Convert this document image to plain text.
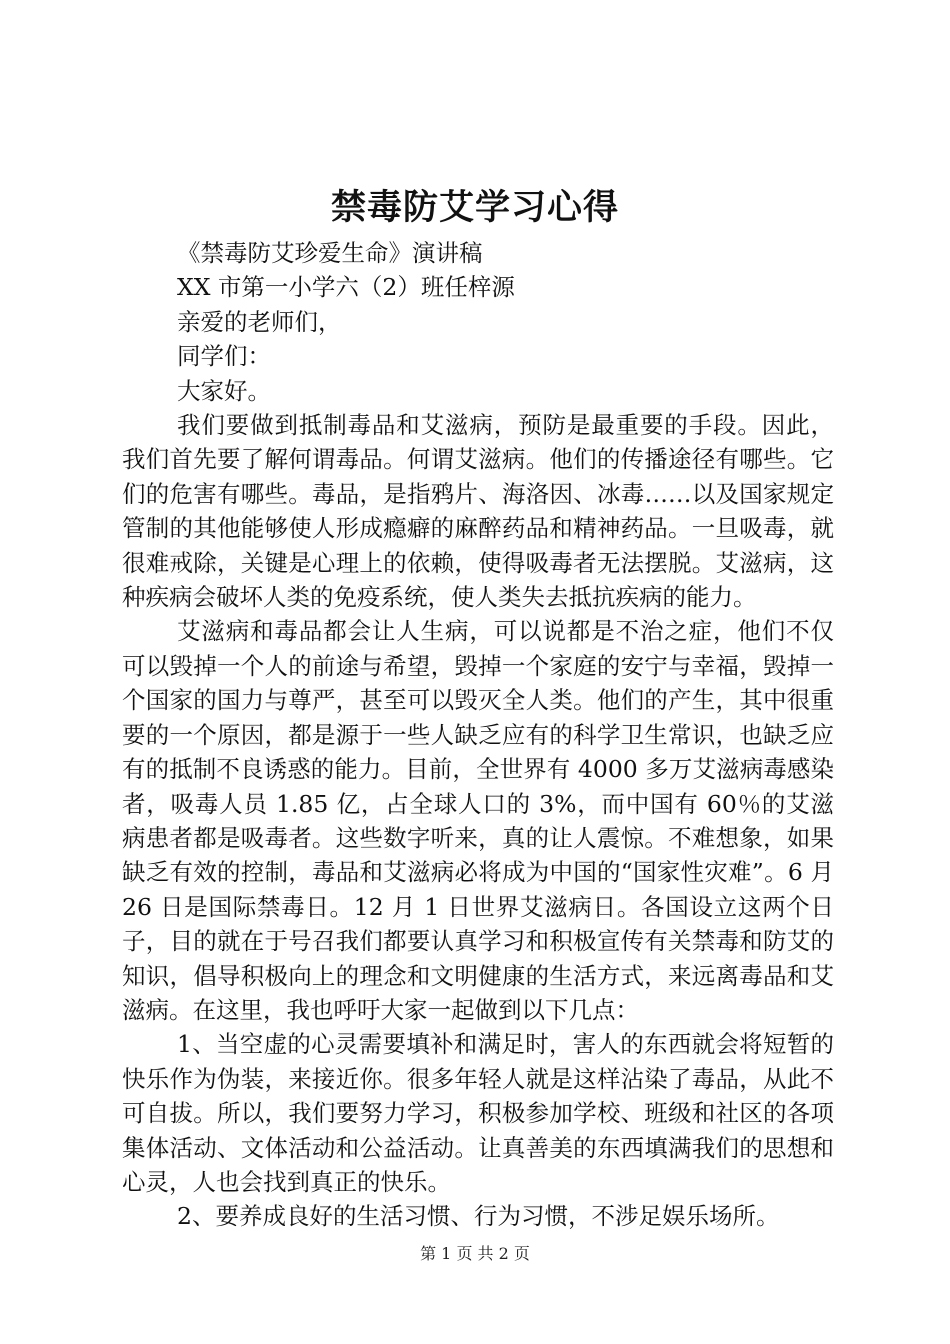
禁毒防艾学习心得

《禁毒防艾珍爱生命》演讲稿

XX 市第一小学六（2）班任梓源

亲爱的老师们，

同学们：

大家好。

我们要做到抵制毒品和艾滋病，预防是最重要的手段。因此，我们首先要了解何谓毒品。何谓艾滋病。他们的传播途径有哪些。它们的危害有哪些。毒品，是指鸦片、海洛因、冰毒……以及国家规定管制的其他能够使人形成瘾癖的麻醉药品和精神药品。一旦吸毒，就很难戒除，关键是心理上的依赖，使得吸毒者无法摆脱。艾滋病，这种疾病会破坏人类的免疫系统，使人类失去抵抗疾病的能力。

艾滋病和毒品都会让人生病，可以说都是不治之症，他们不仅可以毁掉一个人的前途与希望，毁掉一个家庭的安宁与幸福，毁掉一个国家的国力与尊严，甚至可以毁灭全人类。他们的产生，其中很重要的一个原因，都是源于一些人缺乏应有的科学卫生常识，也缺乏应有的抵制不良诱惑的能力。目前，全世界有 4000 多万艾滋病毒感染者，吸毒人员 1.85 亿，占全球人口的 3%，而中国有 60％的艾滋病患者都是吸毒者。这些数字听来，真的让人震惊。不难想象，如果缺乏有效的控制，毒品和艾滋病必将成为中国的“国家性灾难”。6 月 26 日是国际禁毒日。12 月 1 日世界艾滋病日。各国设立这两个日子，目的就在于号召我们都要认真学习和积极宣传有关禁毒和防艾的知识，倡导积极向上的理念和文明健康的生活方式，来远离毒品和艾滋病。在这里，我也呼吁大家一起做到以下几点：

1、当空虚的心灵需要填补和满足时，害人的东西就会将短暂的快乐作为伪装，来接近你。很多年轻人就是这样沾染了毒品，从此不可自拔。所以，我们要努力学习，积极参加学校、班级和社区的各项集体活动、文体活动和公益活动。让真善美的东西填满我们的思想和心灵，人也会找到真正的快乐。

2、要养成良好的生活习惯、行为习惯，不涉足娱乐场所。

第 1 页 共 2 页
